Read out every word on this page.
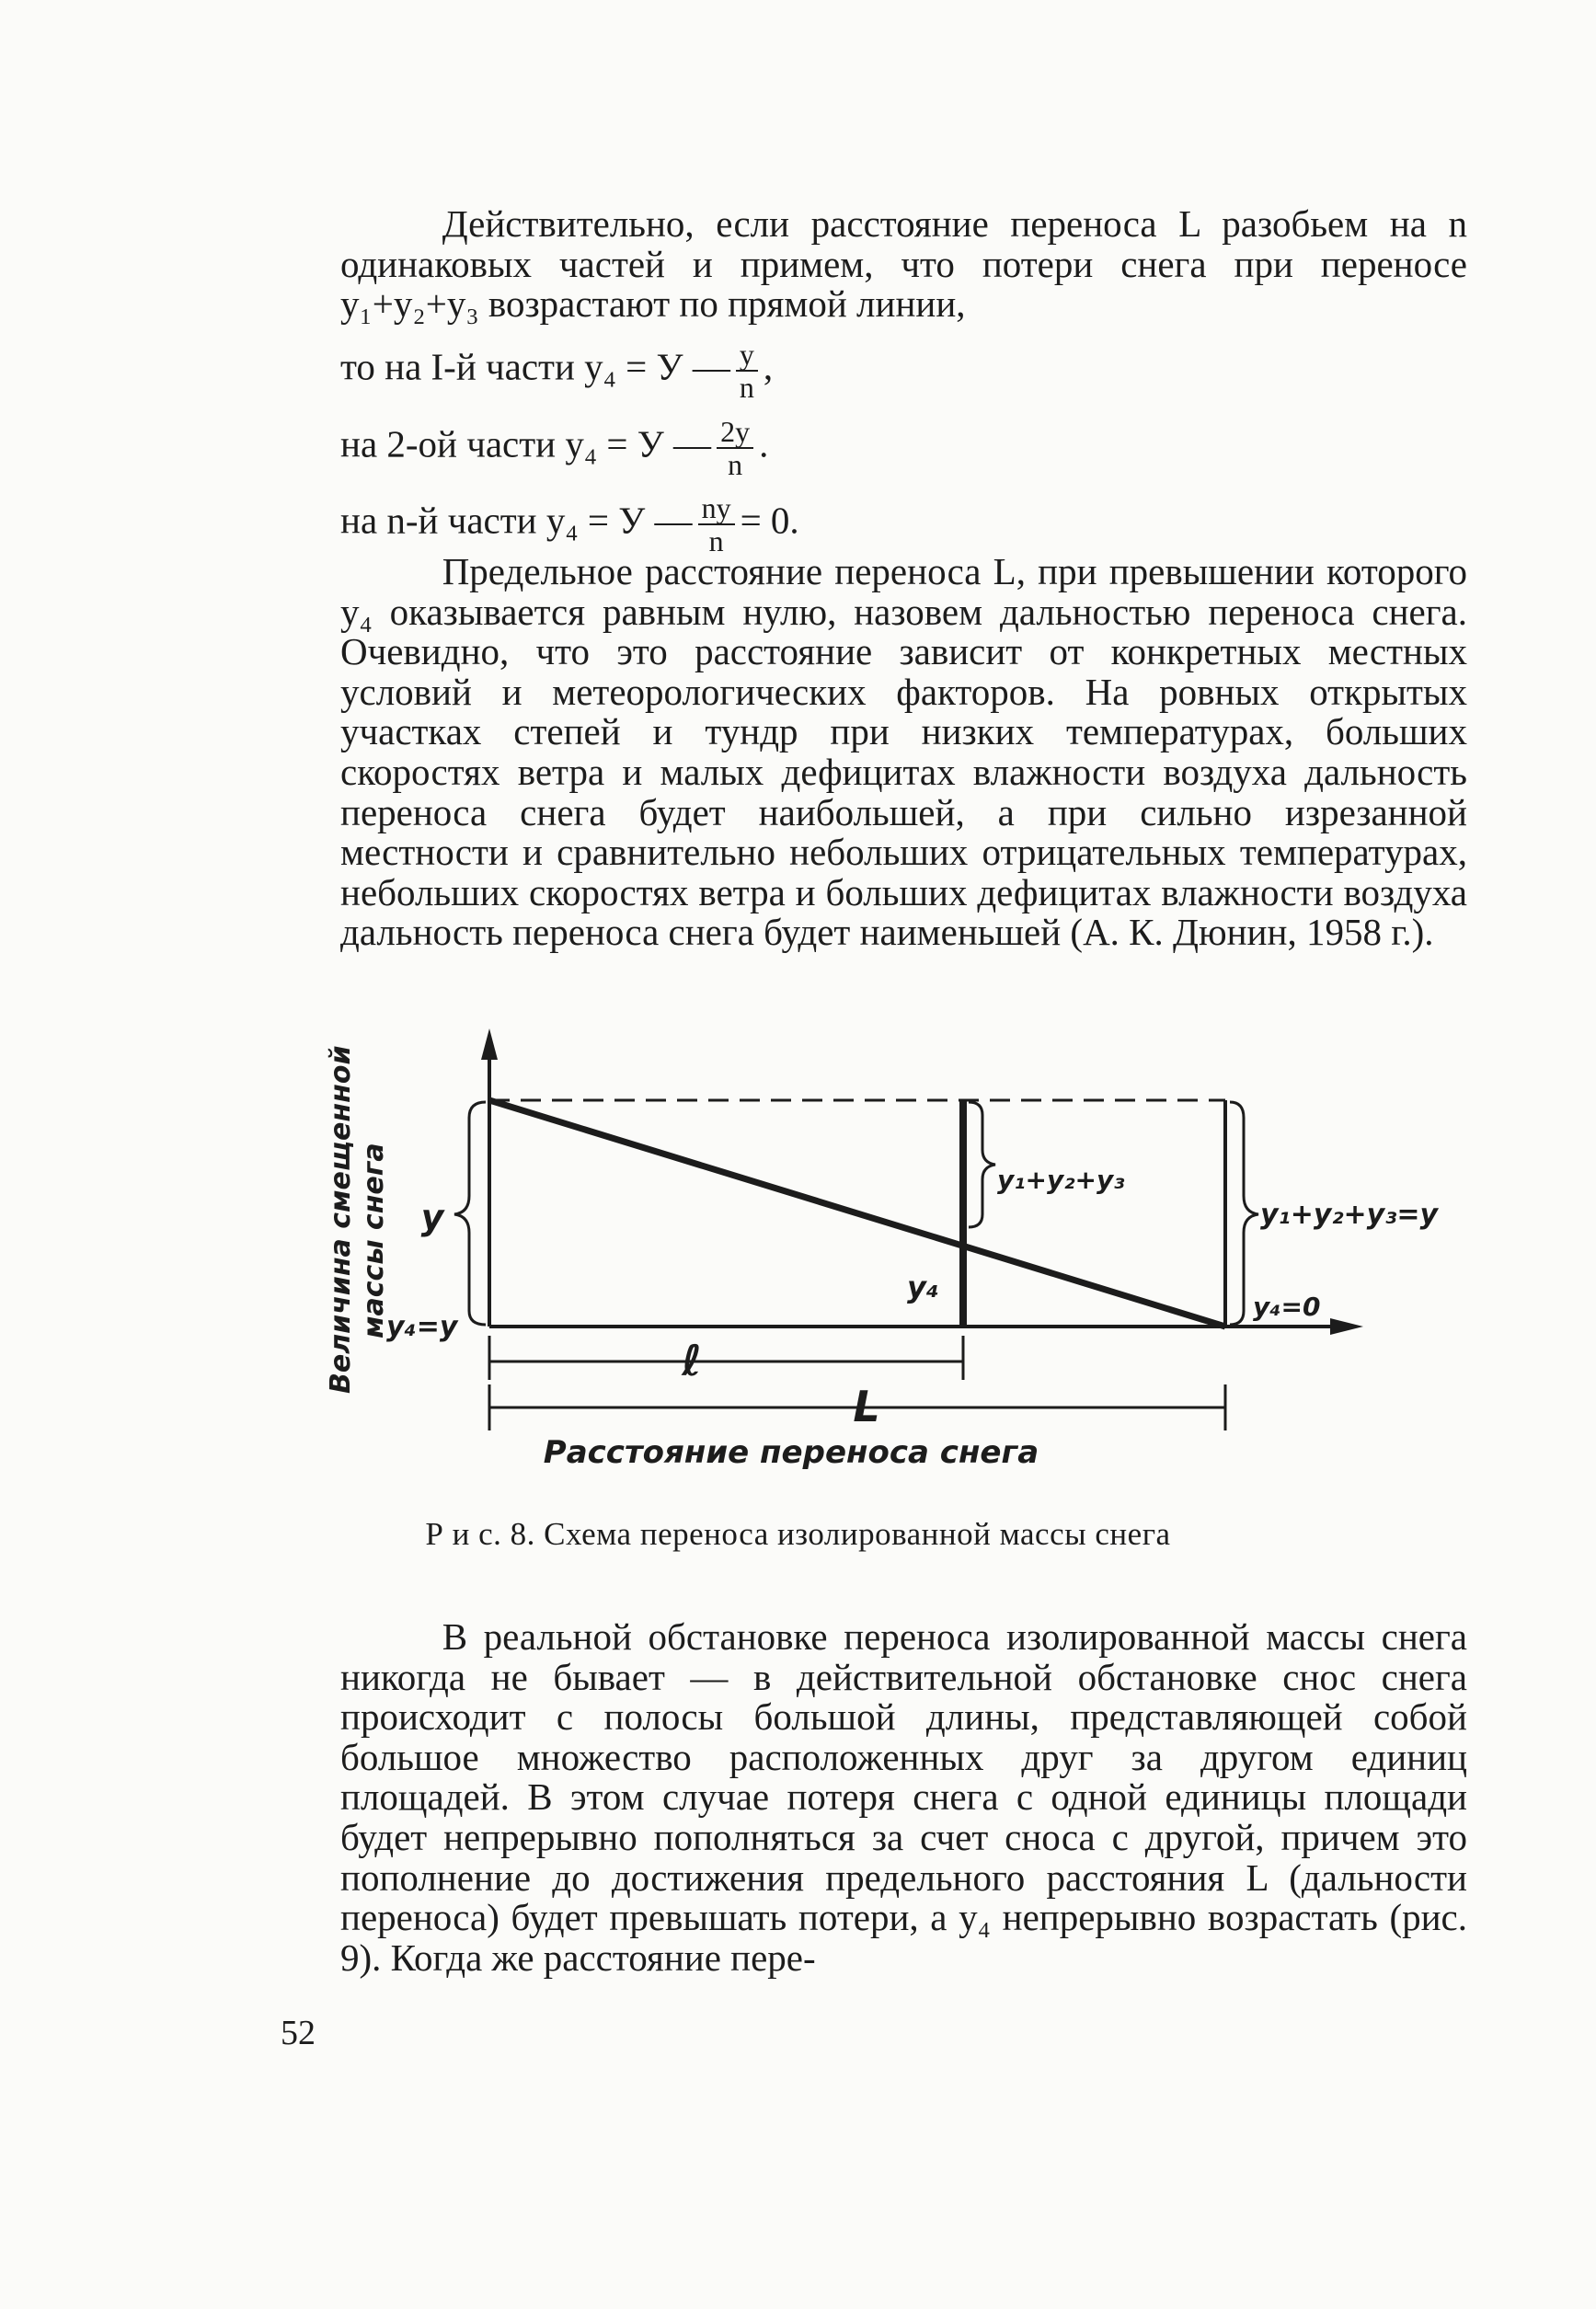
Действительно, если расстояние переноса L разобьем на n одинаковых частей и примем, что потери снега при переносе у₁+у₂+у₃ возрастают по прямой линии,

то на I-й части у₄ = У — $\frac{у}{n}$ ,
на 2-ой части у₄ = У — $\frac{2у}{n}$ .
на n-й части у₄ = У — $\frac{nу}{n} = 0$.

Предельное расстояние переноса L, при превышении которого у₄ оказывается равным нулю, назовем дальностью переноса снега. Очевидно, что это расстояние зависит от конкретных местных условий и метеорологических факторов. На ровных открытых участках степей и тундр при низких температурах, больших скоростях ветра и малых дефицитах влажности воздуха дальность переноса снега будет наибольшей, а при сильно изрезанной местности и сравнительно небольших отрицательных температурах, небольших скоростях ветра и больших дефицитах влажности воздуха дальность переноса снега будет наименьшей (А. К. Дюнин, 1958 г.).

ℓ
L
у
у₄=у
у₄
у₁+у₂+у₃
у₁+у₂+у₃=у
у₄=0
Величина смещенной массы снега
Расстояние переноса снега
Р и с. 8. Схема переноса изолированной массы снега

В реальной обстановке переноса изолированной массы снега никогда не бывает — в действительной обстановке снос снега происходит с полосы большой длины, представляющей собой большое множество расположенных друг за другом единиц площадей. В этом случае потеря снега с одной единицы площади будет непрерывно пополняться за счет сноса с другой, причем это пополнение до достижения предельного расстояния L (дальности переноса) будет превышать потери, а у₄ непрерывно возрастать (рис. 9). Когда же расстояние пере-

52
